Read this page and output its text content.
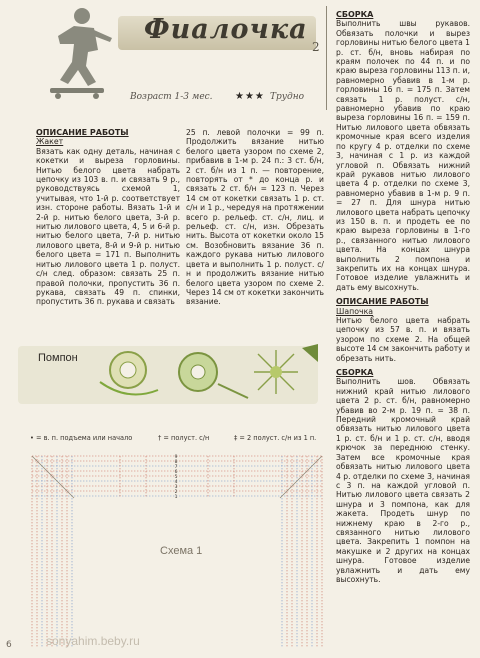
Фиалочка
2
Возраст 1-3 мес. ★★★ Трудно

ОПИСАНИЕ РАБОТЫ

Жакет

Вязать как одну деталь, начиная с кокетки и выреза горловины. Нитью белого цвета набрать цепочку из 103 в. п. и связать 9 р., руководствуясь схемой 1, учитывая, что 1-й р. соответствует изн. стороне работы. Вязать 1-й и 2-й р. нитью белого цвета, 3-й р. нитью лилового цвета, 4, 5 и 6-й р. нитью белого цвета, 7-й р. нитью лилового цвета, 8-й и 9-й р. нитью белого цвета = 171 п. Выполнить нитью лилового цвета 1 р. полуст. с/н след. образом: связать 25 п. правой полочки, пропустить 36 п. рукава, связать 49 п. спинки, пропустить 36 п. рукава и связать

25 п. левой полочки = 99 п. Продолжить вязание нитью белого цвета узором по схеме 2, прибавив в 1-м р. 24 п.: 3 ст. б/н, 2 ст. б/н из 1 п. — повторение, повторять от * до конца р. и связать 2 ст. б/н = 123 п. Через 14 см от кокетки связать 1 р. ст. с/н и 1 р., чередуя на протяжении всего р. рельеф. ст. с/н, лиц. и рельеф. ст. с/н, изн. Обрезать нить. Высота от кокетки около 15 см. Возобновить вязание 36 п. каждого рукава нитью лилового цвета и выполнить 1 р. полуст. с/н и продолжить вязание нитью белого цвета узором по схеме 2. Через 14 см от кокетки закончить вязание.

СБОРКА

Выполнить швы рукавов. Обвязать полочки и вырез горловины нитью белого цвета 1 р. ст. б/н, вновь набирая по краям полочек по 44 п. и по краю выреза горловины 113 п. и, равномерно убавив в 1-м р. горловины 16 п. = 175 п. Затем связать 1 р. полуст. с/н, равномерно убавив по краю выреза горловины 16 п. = 159 п. Нитью лилового цвета обвязать кромочные края всего изделия по кругу 4 р. отделки по схеме 3, начиная с 1 р. из каждой угловой п. Обвязать нижний край рукавов нитью лилового цвета 4 р. отделки по схеме 3, равномерно убавив в 1-м р. 9 п. = 27 п. Для шнура нитью лилового цвета набрать цепочку из 150 в. п. и продеть ее по краю выреза горловины в 1-го р., связанного нитью лилового цвета. На концах шнура выполнить 2 помпона и закрепить их на концах шнура. Готовое изделие увлажнить и дать ему высохнуть.

ОПИСАНИЕ РАБОТЫ

Шапочка

Нитью белого цвета набрать цепочку из 57 в. п. и вязать узором по схеме 2. На общей высоте 14 см закончить работу и обрезать нить.

СБОРКА

Выполнить шов. Обвязать нижний край нитью лилового цвета 2 р. ст. б/н, равномерно убавив во 2-м р. 19 п. = 38 п. Передний кромочный край обвязать нитью лилового цвета 1 р. ст. б/н и 1 р. ст. с/н, вводя крючок за переднюю стенку. Затем все кромочные края обвязать нитью лилового цвета 4 р. отделки по схеме 3, начиная с 3 п. на каждой угловой п. Нитью лилового цвета связать 2 шнура и 3 помпона, как для жакета. Продеть шнур по нижнему краю в 2-го р., связанного нитью лилового цвета. Закрепить 1 помпон на макушке и 2 других на концах шнура. Готовое изделие увлажнить и дать ему высохнуть.

Помпон
• = в. п. подъема или начало	† = полуст. с/н	‡ = 2 полуст. с/н из 1 п.
1
2
3
4
5
6
7
8
9
Схема 1
6	sonyahim.beby.ru
